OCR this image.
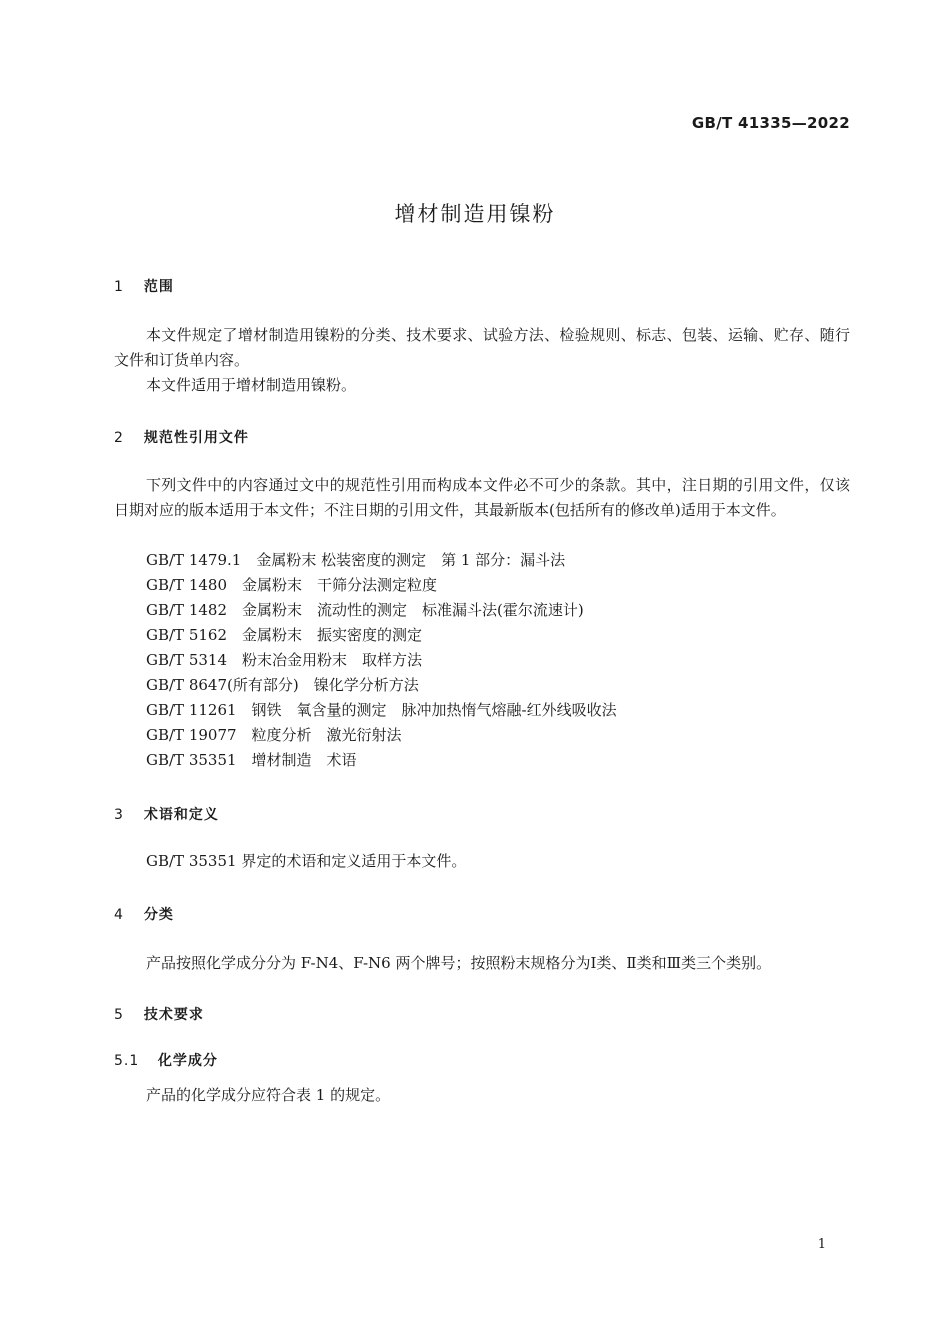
GB/T 41335—2022
增材制造用镍粉
1 范围
本文件规定了增材制造用镍粉的分类、技术要求、试验方法、检验规则、标志、包装、运输、贮存、随行文件和订货单内容。
本文件适用于增材制造用镍粉。
2 规范性引用文件
下列文件中的内容通过文中的规范性引用而构成本文件必不可少的条款。其中，注日期的引用文件，仅该日期对应的版本适用于本文件；不注日期的引用文件，其最新版本(包括所有的修改单)适用于本文件。
GB/T 1479.1　金属粉末 松装密度的测定　第 1 部分：漏斗法
GB/T 1480　金属粉末　干筛分法测定粒度
GB/T 1482　金属粉末　流动性的测定　标准漏斗法(霍尔流速计)
GB/T 5162　金属粉末　振实密度的测定
GB/T 5314　粉末冶金用粉末　取样方法
GB/T 8647(所有部分)　镍化学分析方法
GB/T 11261　钢铁　氧含量的测定　脉冲加热惰气熔融-红外线吸收法
GB/T 19077　粒度分析　激光衍射法
GB/T 35351　增材制造　术语
3 术语和定义
GB/T 35351 界定的术语和定义适用于本文件。
4 分类
产品按照化学成分分为 F-N4、F-N6 两个牌号；按照粉末规格分为Ⅰ类、Ⅱ类和Ⅲ类三个类别。
5 技术要求
5.1 化学成分
产品的化学成分应符合表 1 的规定。
1
